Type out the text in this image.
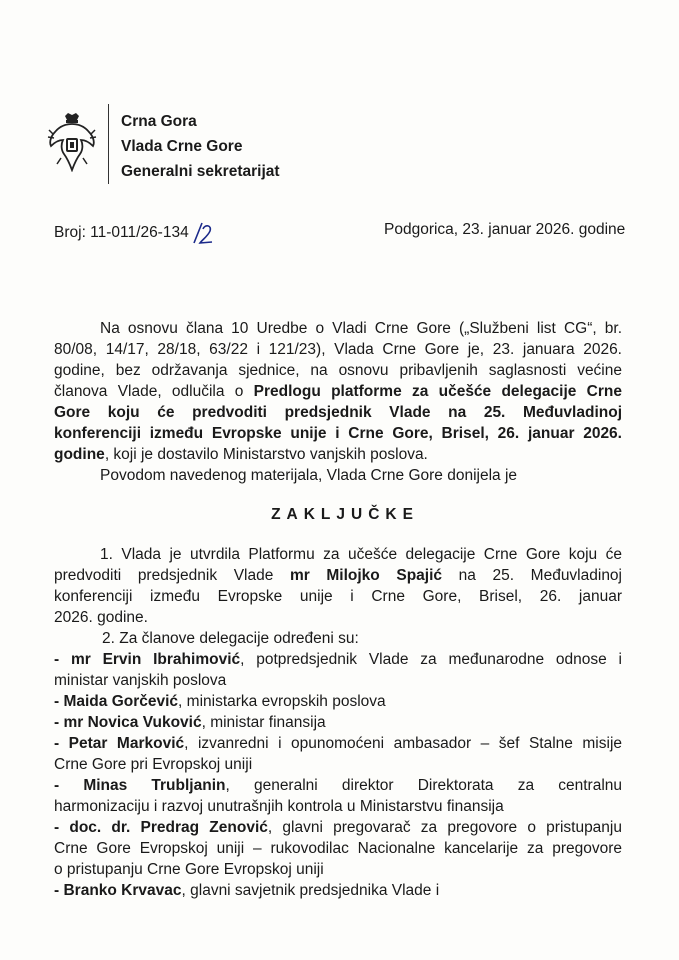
Crna Gora
Vlada Crne Gore
Generalni sekretarijat
Broj: 11-011/26-134	Podgorica, 23. januar 2026. godine

Na osnovu člana 10 Uredbe o Vladi Crne Gore („Službeni list CG“, br.

80/08, 14/17, 28/18, 63/22 i 121/23), Vlada Crne Gore je, 23. januara 2026.

godine, bez održavanja sjednice, na osnovu pribavljenih saglasnosti većine

članova Vlade, odlučila o Predlogu platforme za učešće delegacije Crne

Gore koju će predvoditi predsjednik Vlade na 25. Međuvladinoj

konferenciji između Evropske unije i Crne Gore, Brisel, 26. januar 2026.

godine, koji je dostavilo Ministarstvo vanjskih poslova.

Povodom navedenog materijala, Vlada Crne Gore donijela je

ZAKLJUČKE

1. Vlada je utvrdila Platformu za učešće delegacije Crne Gore koju će

predvoditi predsjednik Vlade mr Milojko Spajić na 25. Međuvladinoj

konferenciji između Evropske unije i Crne Gore, Brisel, 26. januar

2026. godine.

2. Za članove delegacije određeni su:

- mr Ervin Ibrahimović, potpredsjednik Vlade za međunarodne odnose i

ministar vanjskih poslova

- Maida Gorčević, ministarka evropskih poslova

- mr Novica Vuković, ministar finansija

- Petar Marković, izvanredni i opunomoćeni ambasador – šef Stalne misije

Crne Gore pri Evropskoj uniji

- Minas Trubljanin, generalni direktor Direktorata za centralnu

harmonizaciju i razvoj unutrašnjih kontrola u Ministarstvu finansija

- doc. dr. Predrag Zenović, glavni pregovarač za pregovore o pristupanju

Crne Gore Evropskoj uniji – rukovodilac Nacionalne kancelarije za pregovore

o pristupanju Crne Gore Evropskoj uniji

- Branko Krvavac, glavni savjetnik predsjednika Vlade i
